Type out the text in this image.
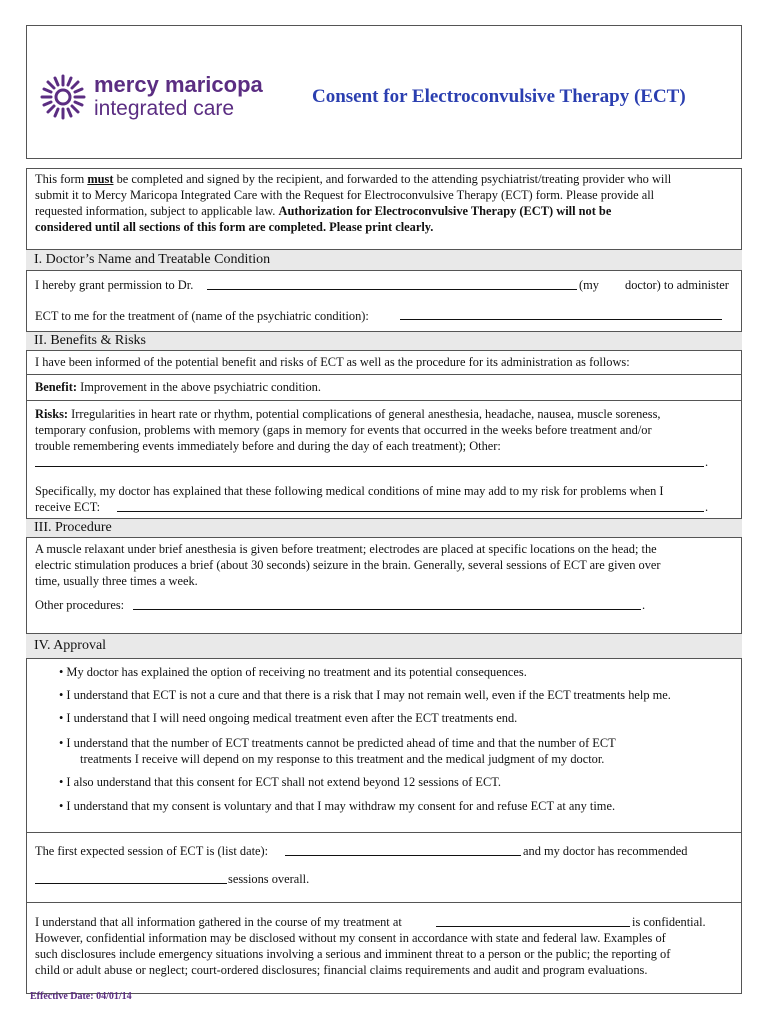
mercy maricopa
integrated care
Consent for Electroconvulsive Therapy (ECT)
This form must be completed and signed by the recipient, and forwarded to the attending psychiatrist/treating provider who will
submit it to Mercy Maricopa Integrated Care with the Request for Electroconvulsive Therapy (ECT) form. Please provide all
requested information, subject to applicable law. Authorization for Electroconvulsive Therapy (ECT) will not be
considered until all sections of this form are completed. Please print clearly.
I. Doctor’s Name and Treatable Condition
I hereby grant permission to Dr.	(my doctor) to administer
ECT to me for the treatment of (name of the psychiatric condition):
II. Benefits & Risks
I have been informed of the potential benefit and risks of ECT as well as the procedure for its administration as follows:
Benefit: Improvement in the above psychiatric condition.
Risks: Irregularities in heart rate or rhythm, potential complications of general anesthesia, headache, nausea, muscle soreness,
temporary confusion, problems with memory (gaps in memory for events that occurred in the weeks before treatment and/or
trouble remembering events immediately before and during the day of each treatment); Other:
.
Specifically, my doctor has explained that these following medical conditions of mine may add to my risk for problems when I
receive ECT:	.
III. Procedure
A muscle relaxant under brief anesthesia is given before treatment; electrodes are placed at specific locations on the head; the
electric stimulation produces a brief (about 30 seconds) seizure in the brain. Generally, several sessions of ECT are given over
time, usually three times a week.
Other procedures:	.
IV. Approval
• My doctor has explained the option of receiving no treatment and its potential consequences.
• I understand that ECT is not a cure and that there is a risk that I may not remain well, even if the ECT treatments help me.
• I understand that I will need ongoing medical treatment even after the ECT treatments end.
• I understand that the number of ECT treatments cannot be predicted ahead of time and that the number of ECT
treatments I receive will depend on my response to this treatment and the medical judgment of my doctor.
• I also understand that this consent for ECT shall not extend beyond 12 sessions of ECT.
• I understand that my consent is voluntary and that I may withdraw my consent for and refuse ECT at any time.
The first expected session of ECT is (list date):	and my doctor has recommended
sessions overall.
I understand that all information gathered in the course of my treatment at	is confidential.
However, confidential information may be disclosed without my consent in accordance with state and federal law. Examples of
such disclosures include emergency situations involving a serious and imminent threat to a person or the public; the reporting of
child or adult abuse or neglect; court-ordered disclosures; financial claims requirements and audit and program evaluations.
Effective Date: 04/01/14
